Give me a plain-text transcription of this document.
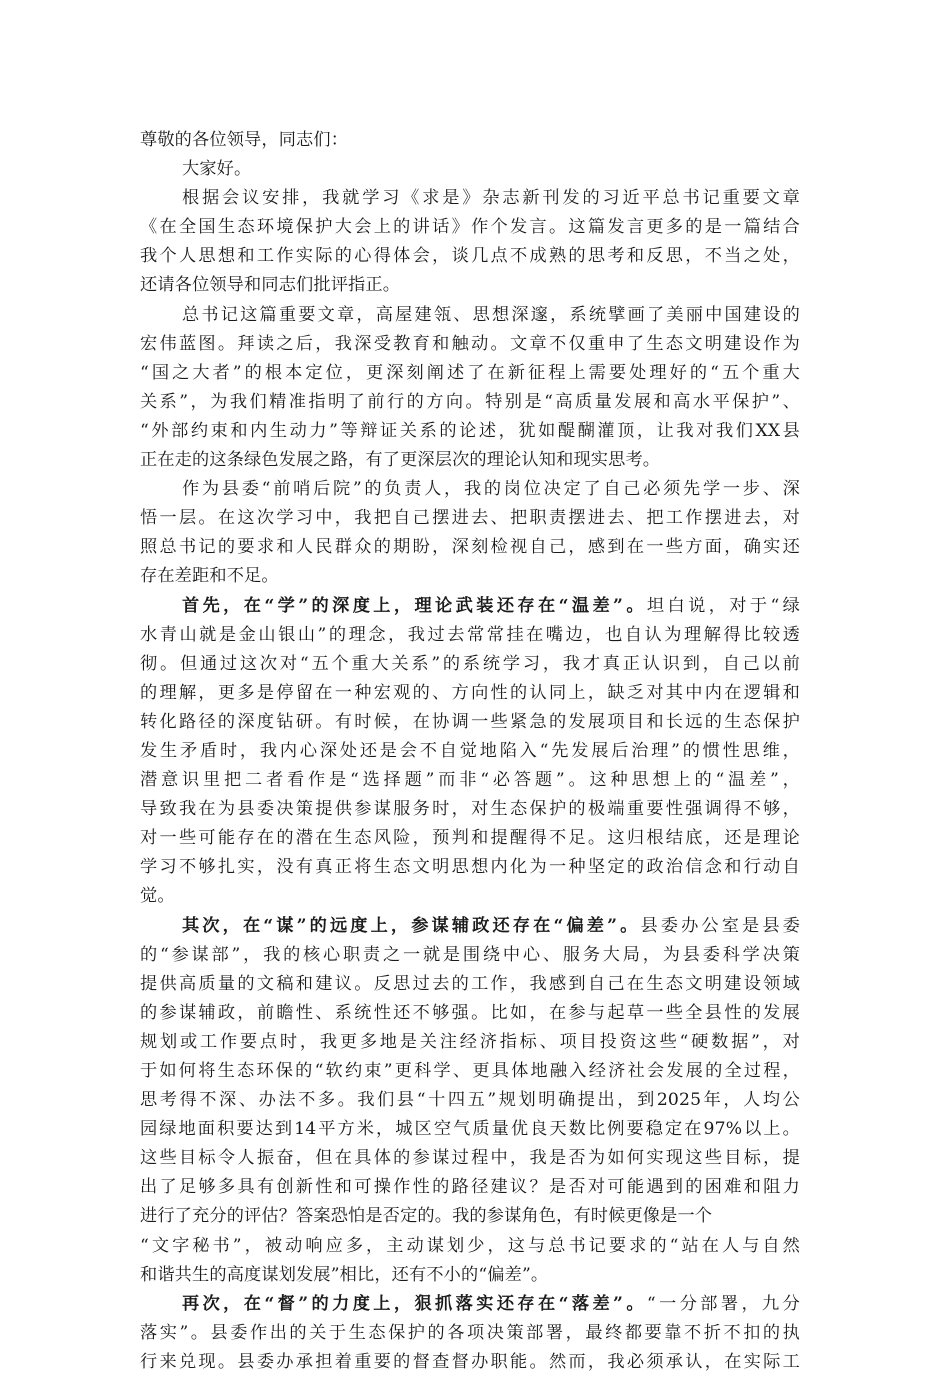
尊敬的各位领导，同志们：
大家好。
根据会议安排，我就学习《求是》杂志新刊发的习近平总书记重要文章
《在全国生态环境保护大会上的讲话》作个发言。这篇发言更多的是一篇结合
我个人思想和工作实际的心得体会，谈几点不成熟的思考和反思，不当之处，
还请各位领导和同志们批评指正。
总书记这篇重要文章，高屋建瓴、思想深邃，系统擘画了美丽中国建设的
宏伟蓝图。拜读之后，我深受教育和触动。文章不仅重申了生态文明建设作为
“国之大者”的根本定位，更深刻阐述了在新征程上需要处理好的“五个重大
关系”，为我们精准指明了前行的方向。特别是“高质量发展和高水平保护”、
“外部约束和内生动力”等辩证关系的论述，犹如醍醐灌顶，让我对我们XX县
正在走的这条绿色发展之路，有了更深层次的理论认知和现实思考。
作为县委“前哨后院”的负责人，我的岗位决定了自己必须先学一步、深
悟一层。在这次学习中，我把自己摆进去、把职责摆进去、把工作摆进去，对
照总书记的要求和人民群众的期盼，深刻检视自己，感到在一些方面，确实还
存在差距和不足。
首先，在“学”的深度上，理论武装还存在“温差”。坦白说，对于“绿
水青山就是金山银山”的理念，我过去常常挂在嘴边，也自认为理解得比较透
彻。但通过这次对“五个重大关系”的系统学习，我才真正认识到，自己以前
的理解，更多是停留在一种宏观的、方向性的认同上，缺乏对其中内在逻辑和
转化路径的深度钻研。有时候，在协调一些紧急的发展项目和长远的生态保护
发生矛盾时，我内心深处还是会不自觉地陷入“先发展后治理”的惯性思维，
潜意识里把二者看作是“选择题”而非“必答题”。这种思想上的“温差”，
导致我在为县委决策提供参谋服务时，对生态保护的极端重要性强调得不够，
对一些可能存在的潜在生态风险，预判和提醒得不足。这归根结底，还是理论
学习不够扎实，没有真正将生态文明思想内化为一种坚定的政治信念和行动自
觉。
其次，在“谋”的远度上，参谋辅政还存在“偏差”。县委办公室是县委
的“参谋部”，我的核心职责之一就是围绕中心、服务大局，为县委科学决策
提供高质量的文稿和建议。反思过去的工作，我感到自己在生态文明建设领域
的参谋辅政，前瞻性、系统性还不够强。比如，在参与起草一些全县性的发展
规划或工作要点时，我更多地是关注经济指标、项目投资这些“硬数据”，对
于如何将生态环保的“软约束”更科学、更具体地融入经济社会发展的全过程，
思考得不深、办法不多。我们县“十四五”规划明确提出，到2025年，人均公
园绿地面积要达到14平方米，城区空气质量优良天数比例要稳定在97%以上。
这些目标令人振奋，但在具体的参谋过程中，我是否为如何实现这些目标，提
出了足够多具有创新性和可操作性的路径建议？是否对可能遇到的困难和阻力
进行了充分的评估？答案恐怕是否定的。我的参谋角色，有时候更像是一个
“文字秘书”，被动响应多，主动谋划少，这与总书记要求的“站在人与自然
和谐共生的高度谋划发展”相比，还有不小的“偏差”。
再次，在“督”的力度上，狠抓落实还存在“落差”。“一分部署，九分
落实”。县委作出的关于生态保护的各项决策部署，最终都要靠不折不扣的执
行来兑现。县委办承担着重要的督查督办职能。然而，我必须承认，在实际工
